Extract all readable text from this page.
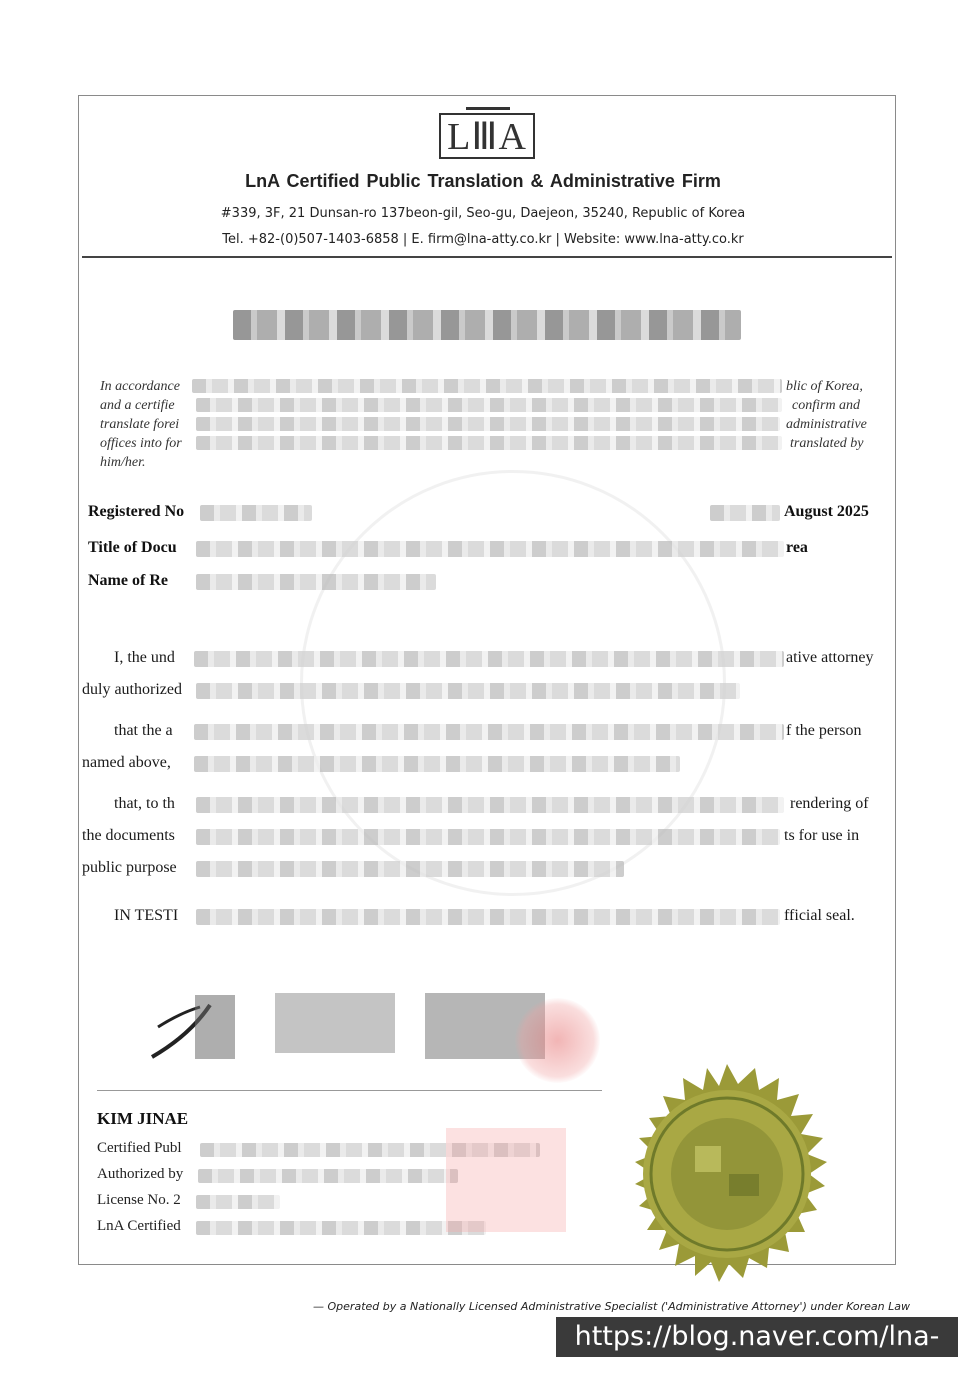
LⅢA
LnA Certified Public Translation & Administrative Firm
#339, 3F, 21 Dunsan-ro 137beon-gil, Seo-gu, Daejeon, 35240, Republic of Korea
Tel. +82-(0)507-1403-6858 | E. firm@lna-atty.co.kr | Website: www.lna-atty.co.kr
In accordance	blic of Korea,
and a certifie	confirm and
translate forei	administrative
offices into for	translated by
him/her.
Registered No	August 2025
Title of Docu	rea
Name of Re
I, the und	ative attorney
duly authorized
that the a	f the person
named above,
that, to th	rendering of
the documents	ts for use in
public purpose
IN TESTI	fficial seal.
KIM JINAE
Certified Publ
Authorized by
License No. 2
LnA Certified
— Operated by a Nationally Licensed Administrative Specialist ('Administrative Attorney') under Korean Law
https://blog.naver.com/lna-atty
